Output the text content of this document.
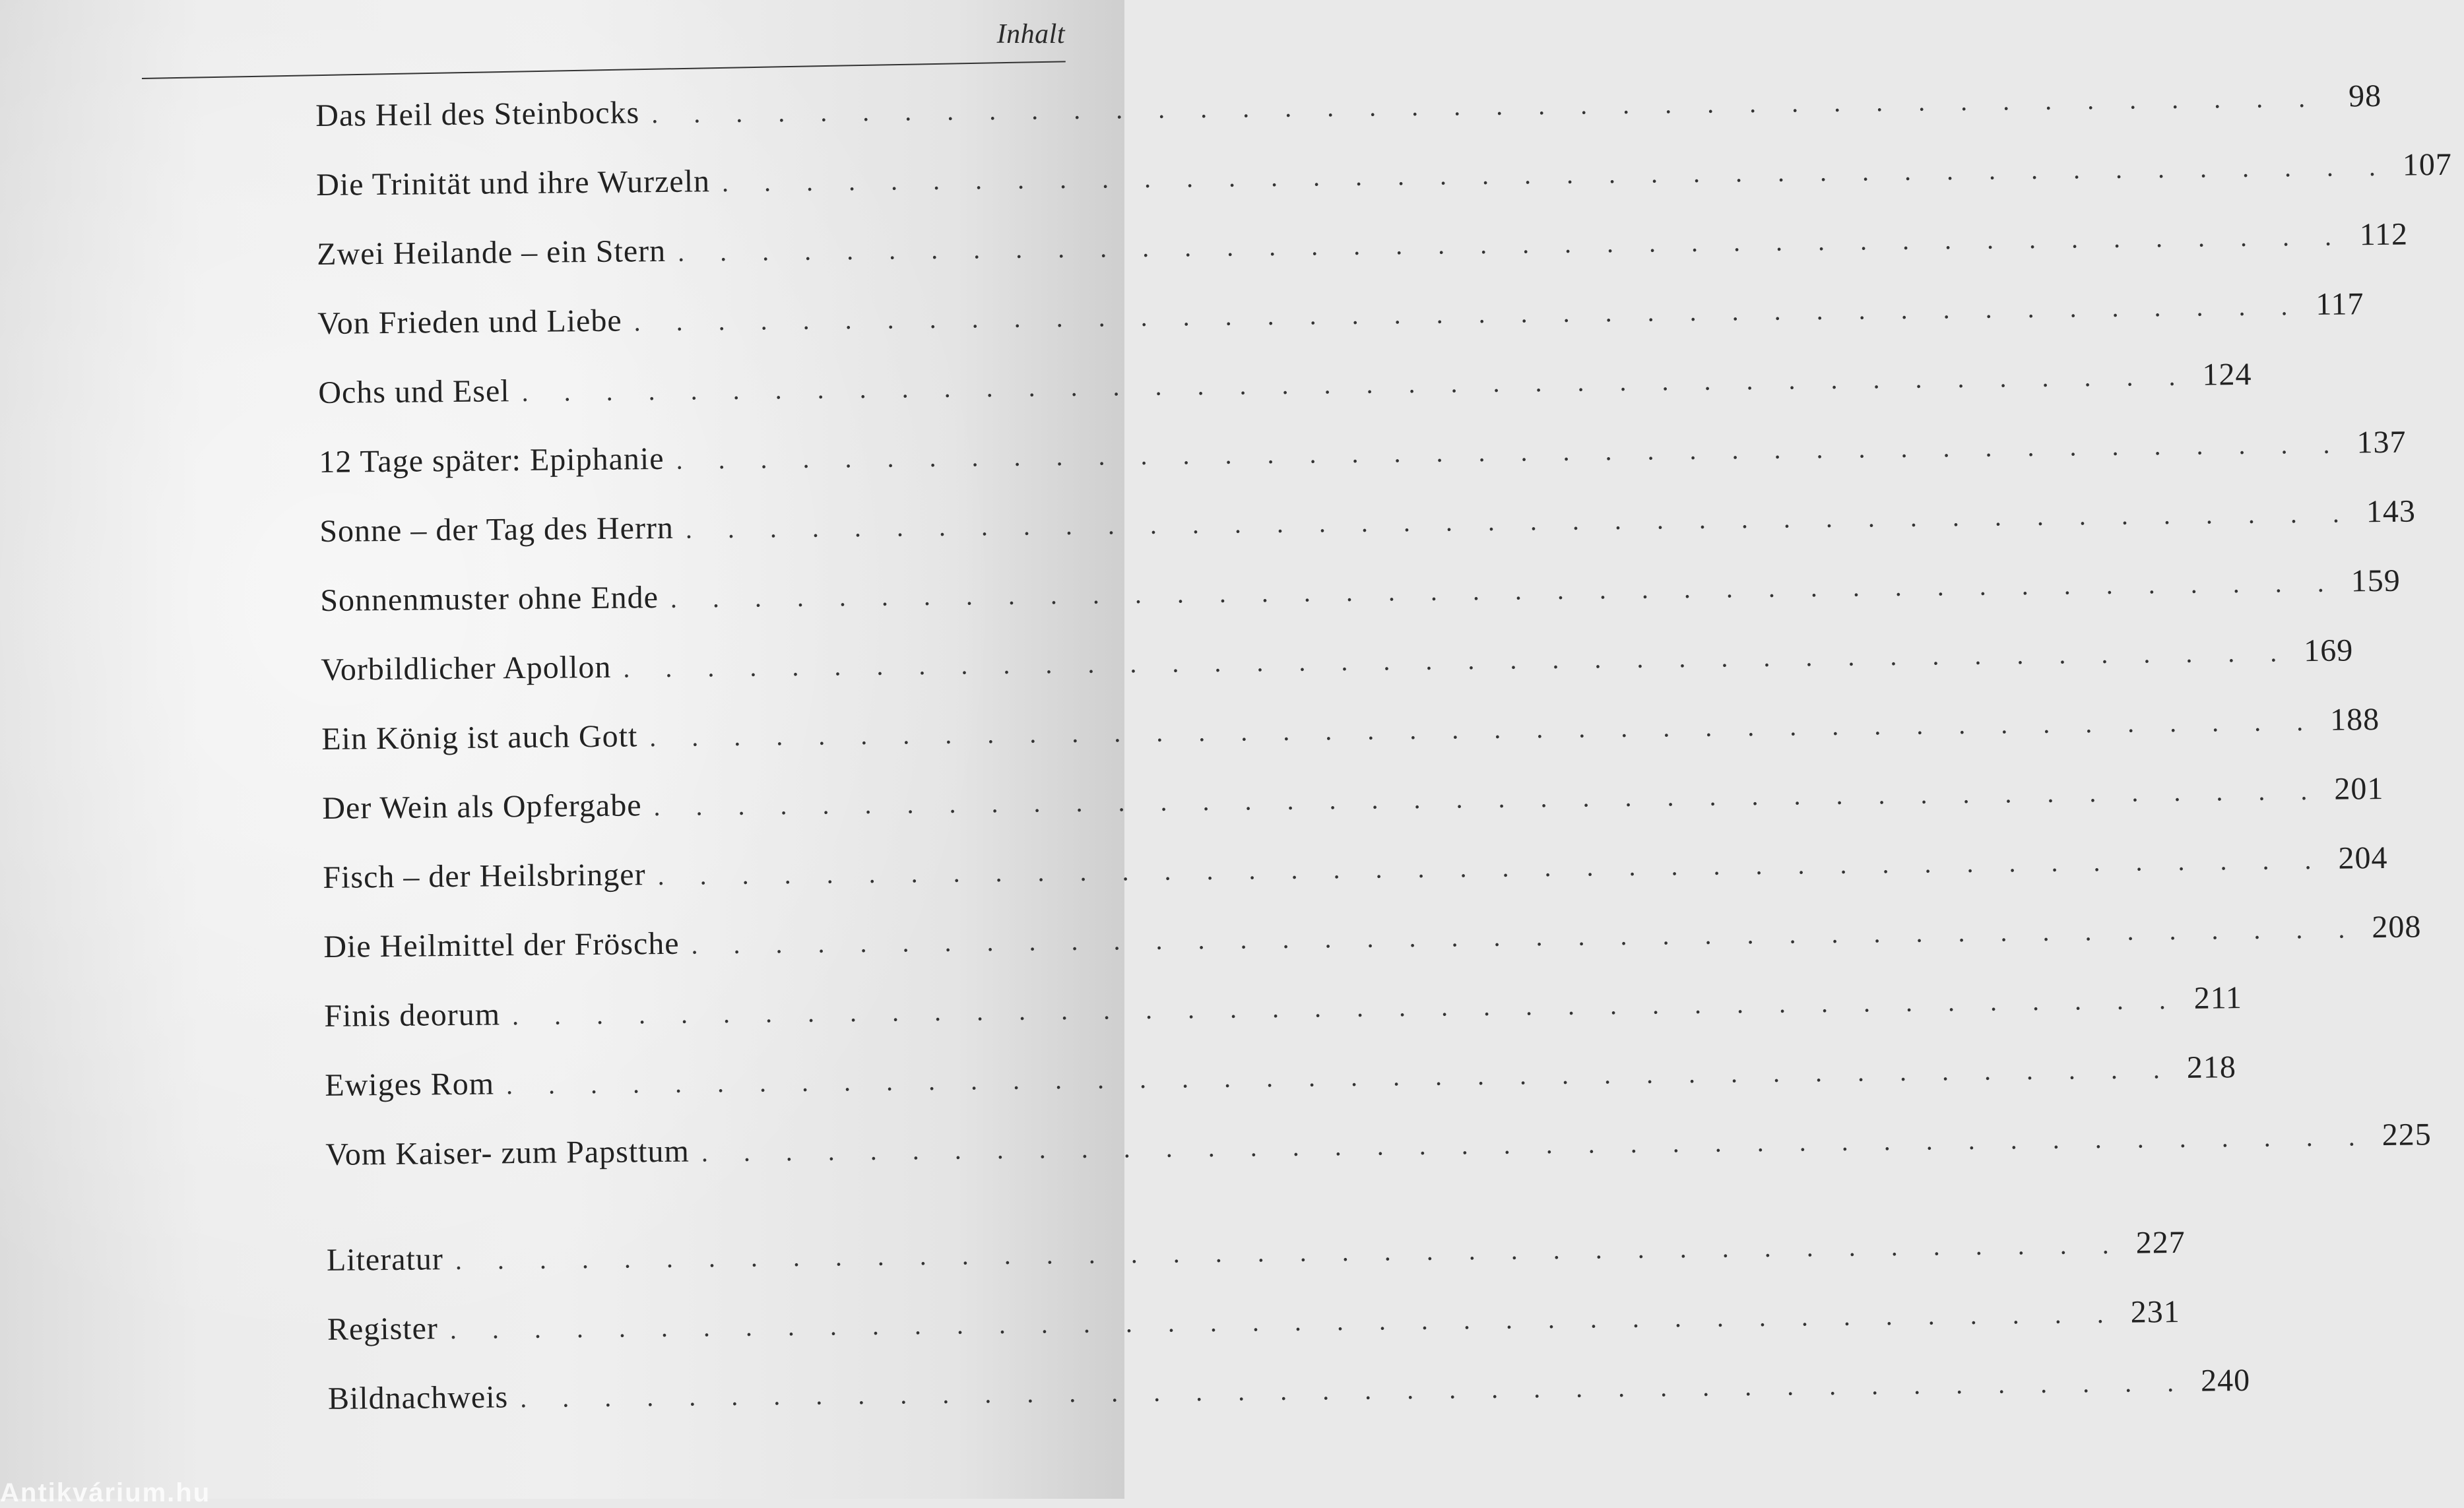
Inhalt
Das Heil des Steinbocks . . . . . . . . . . . . . . . . . . . . . . . . . . . . . . . . . . . . . . . . 98
Die Trinität und ihre Wurzeln . . . . . . . . . . . . . . . . . . . . . . . . . . . . . . . . . . . . . . . . 107
Zwei Heilande – ein Stern . . . . . . . . . . . . . . . . . . . . . . . . . . . . . . . . . . . . . . . . 112
Von Frieden und Liebe . . . . . . . . . . . . . . . . . . . . . . . . . . . . . . . . . . . . . . . . 117
Ochs und Esel . . . . . . . . . . . . . . . . . . . . . . . . . . . . . . . . . . . . . . . . 124
12 Tage später: Epiphanie . . . . . . . . . . . . . . . . . . . . . . . . . . . . . . . . . . . . . . . . 137
Sonne – der Tag des Herrn . . . . . . . . . . . . . . . . . . . . . . . . . . . . . . . . . . . . . . . . 143
Sonnenmuster ohne Ende . . . . . . . . . . . . . . . . . . . . . . . . . . . . . . . . . . . . . . . . 159
Vorbildlicher Apollon . . . . . . . . . . . . . . . . . . . . . . . . . . . . . . . . . . . . . . . . 169
Ein König ist auch Gott . . . . . . . . . . . . . . . . . . . . . . . . . . . . . . . . . . . . . . . . 188
Der Wein als Opfergabe . . . . . . . . . . . . . . . . . . . . . . . . . . . . . . . . . . . . . . . . 201
Fisch – der Heilsbringer . . . . . . . . . . . . . . . . . . . . . . . . . . . . . . . . . . . . . . . . 204
Die Heilmittel der Frösche . . . . . . . . . . . . . . . . . . . . . . . . . . . . . . . . . . . . . . . . 208
Finis deorum . . . . . . . . . . . . . . . . . . . . . . . . . . . . . . . . . . . . . . . . 211
Ewiges Rom . . . . . . . . . . . . . . . . . . . . . . . . . . . . . . . . . . . . . . . . 218
Vom Kaiser- zum Papsttum . . . . . . . . . . . . . . . . . . . . . . . . . . . . . . . . . . . . . . . . 225
Literatur . . . . . . . . . . . . . . . . . . . . . . . . . . . . . . . . . . . . . . . . 227
Register . . . . . . . . . . . . . . . . . . . . . . . . . . . . . . . . . . . . . . . . 231
Bildnachweis . . . . . . . . . . . . . . . . . . . . . . . . . . . . . . . . . . . . . . . . 240
Antikvárium.hu
